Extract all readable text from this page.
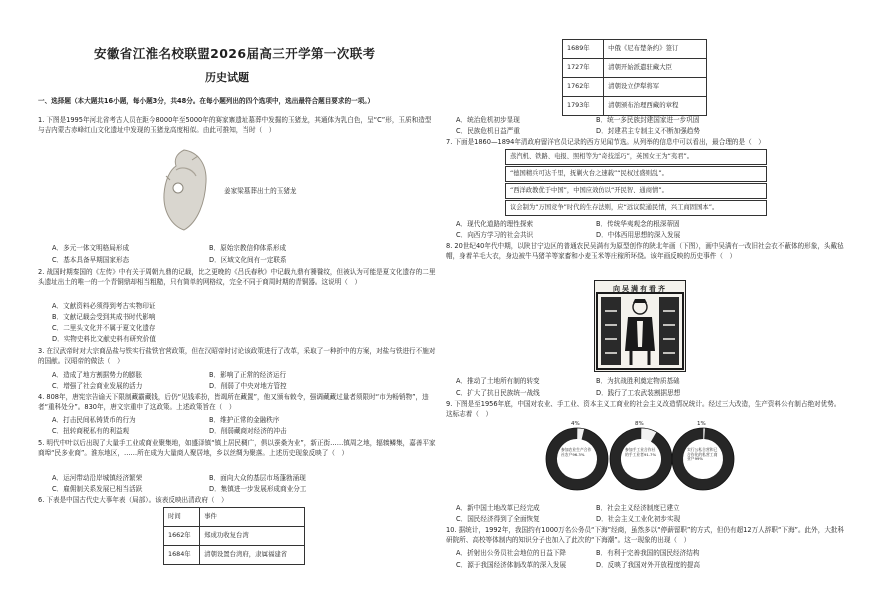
安徽省江淮名校联盟2026届高三开学第一次联考
历史试题
一、选择题（本大题共16小题，每小题3分，共48分。在每小题列出的四个选项中，选出最符合题目要求的一项。）
1. 下图是1995年河北省考古人员在距今8000年至5000年的赛家寨遗址墓葬中发掘的玉猪龙，其通体为乳白色，呈“C”形，玉质和造型与吉内蒙古赤峰红山文化遗址中发现的玉猪龙高度相似。由此可推知，当时（　）
姜家梁墓葬出土的玉猪龙
A．多元一体文明格局形成	B．原始宗教信仰体系形成
C．基本具备早期国家形态	D．区域文化间有一定联系
2. 战国时期秦国的《左传》中有关于周朝九鼎的记载，比之更晚的《吕氏春秋》中记载九鼎有饕餮纹，但被认为可能是夏文化遗存的二里头遗址出土的唯一的一个青铜鼎却相当粗糙，只有简单的网格纹，完全不同于商周时期的青铜器。这说明（　）
A．文献资料必须得到考古实物印证
B．文献记载会受到其成书时代影响
C．二里头文化并不属于夏文化遗存
D．实物史料比文献史料有研究价值
3. 在汉武帝时对大宗商品盐与铁实行盐铁官营政策，但在汉昭帝时讨论该政策进行了改革，采取了一种折中的方案，对盐与铁进行不施对的国献。汉昭帝的做法（　）
A．造成了地方割据势力的膨胀	B．影响了正常的经济运行
C．增强了社会商业发展的活力	D．削弱了中央对地方管控
4. 808年，唐宪宗告谕天下限制藏霸藏钱，后仍“见钱乖扮，皆竭所在藏置”，他又颁布敕令，强调藏藏过量者须限时“市为畅销物”，违者“重科处分”。830年，唐文宗重申了这政策。上述政策旨在（　）
A．打击民间私铸货币的行为	B．维护正常的金融秩序
C．扭转商税私有的利益观	D．削弱藏商对经济的冲击
5. 明代中叶以后出现了大量手工业或商业聚集地，如盛泽镇“镇上居民稠广，俱以蚕桑为业”，新正街……镇周之地，辐辏鳞集，嘉善平家商埠“民多业商”。淮东地区，……所在成为大量商人聚居地，乡以丝绸为聚落。上述历史现象反映了（　）
A．运河带动沿岸城镇经济繁荣	B．面向大众的基层市场蓬勃涌现
C．雇佣制关系发展已相当活跃	D．集镇进一步发展形成商业分工
6. 下表是中国古代史大事年表（局部）。该表反映出清政府（　）
时间	事件
1662年	郑成功收复台湾
1684年	清朝设置台湾府，隶属福建省
1689年	中俄《尼布楚条约》签订
1727年	清朝开始派遣驻藏大臣
1762年	清朝设立伊犁将军
1793年	清朝颁布治理西藏的章程
A．统治危机初步显现	B．统一多民族封建国家进一步巩固
C．民族危机日益严重	D．封建君主专制主义不断加强趋势
7. 下面是1860—1894年清政府留洋官员记录的西方见闻节选。从列举的信息中可以看出，最合理的是（　）
蒸汽机、铁路、电报、照相等为“奇技淫巧”，英国女王为“夷君”。
“德国精兵可达千里，抚剿火台之速载”“民权过盛则乱”。
“西洋政教优于中国”，中国应效仿以“开民智、通商情”。
议会制为“万国竞争”时代的生存法则，应“远议院通民情，兴工商固国本”。
A．现代化道路的理性探索	B．传统华夷观念的根深蒂固
C．向西方学习的社会共识	D．中体西用思想的深入发展
8. 20世纪40年代中期，以陕甘宁边区的普通农民吴满有为原型创作的陕北年画（下图），画中吴满有一改旧社会衣不蔽体的形象，头戴毡帽，身着羊毛大衣，身边被牛马猪羊等家畜和小麦玉米等庄稼所环绕。该年画反映的历史事件（　）
向吴满有看齐
A．推动了土地所有制的转变	B．为抗战胜利奠定物质基础
C．扩大了抗日民族统一战线	D．践行了工农武装割据思想
9. 下图是至1956年底，中国对农业、手工业、资本主义工商业的社会主义改造情况统计。经过三大改造，生产资料公有制占绝对优势。这标志着（　）
4%
参加农业生产合作社农户96.3%
8%
参加手工业合作社的手工业者91.7%
1%
实行公私合营和已合作化的私营工商业户99%
A．新中国土地改革已经完成	B．社会主义经济制度已建立
C．国民经济得到了全面恢复	D．社会主义工业化初步实现
10. 据统计，1992年，我国约有1000万名公务员“下海”经商，虽然多以“停薪留职”的方式，但仍有超12万人辞职“下海”。此外，大批科研院所、高校等体制内的知识分子也加入了此次的“下海潮”。这一现象的出现（　）
A．折射出公务员社会地位的日益下降	B．有利于完善我国的国民经济结构
C．源于我国经济体制改革的深入发展	D．反映了我国对外开放程度的提高
